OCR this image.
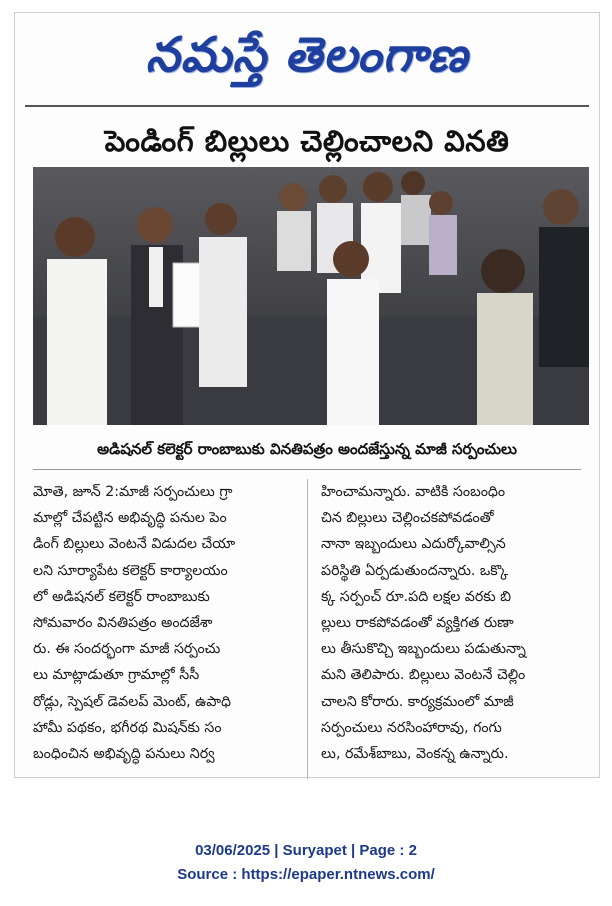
నమస్తే తెలంగాణ
పెండింగ్ బిల్లులు చెల్లించాలని వినతి
అడిషనల్ కలెక్టర్ రాంబాబుకు వినతిపత్రం అందజేస్తున్న మాజీ సర్పంచులు
మోతె, జూన్ 2:మాజీ సర్పంచులు గ్రా
మాల్లో చేపట్టిన అభివృద్ధి పనుల పెం
డింగ్ బిల్లులు వెంటనే విడుదల చేయా
లని సూర్యాపేట కలెక్టర్ కార్యాలయం
లో అడిషనల్ కలెక్టర్ రాంబాబుకు
సోమవారం వినతిపత్రం అందజేశా
రు. ఈ సందర్భంగా మాజీ సర్పంచు
లు మాట్లాడుతూ గ్రామాల్లో సీసీ
రోడ్లు, స్పెషల్ డెవలప్ మెంట్, ఉపాధి
హామీ పథకం, భగీరథ మిషన్‌కు సం
బంధించిన అభివృద్ధి పనులు నిర్వ
హించామన్నారు. వాటికి సంబంధిం
చిన బిల్లులు చెల్లించకపోవడంతో
నానా ఇబ్బందులు ఎదుర్కోవాల్సిన
పరిస్థితి ఏర్పడుతుందన్నారు. ఒక్కొ
క్క సర్పంచ్ రూ.పది లక్షల వరకు బి
ల్లులు రాకపోవడంతో వ్యక్తిగత రుణా
లు తీసుకొచ్చి ఇబ్బందులు పడుతున్నా
మని తెలిపారు. బిల్లులు వెంటనే చెల్లిం
చాలని కోరారు. కార్యక్రమంలో మాజీ
సర్పంచులు నరసింహారావు, గంగు
లు, రమేశ్‌బాబు, వెంకన్న ఉన్నారు.
03/06/2025 | Suryapet | Page : 2
Source : https://epaper.ntnews.com/
